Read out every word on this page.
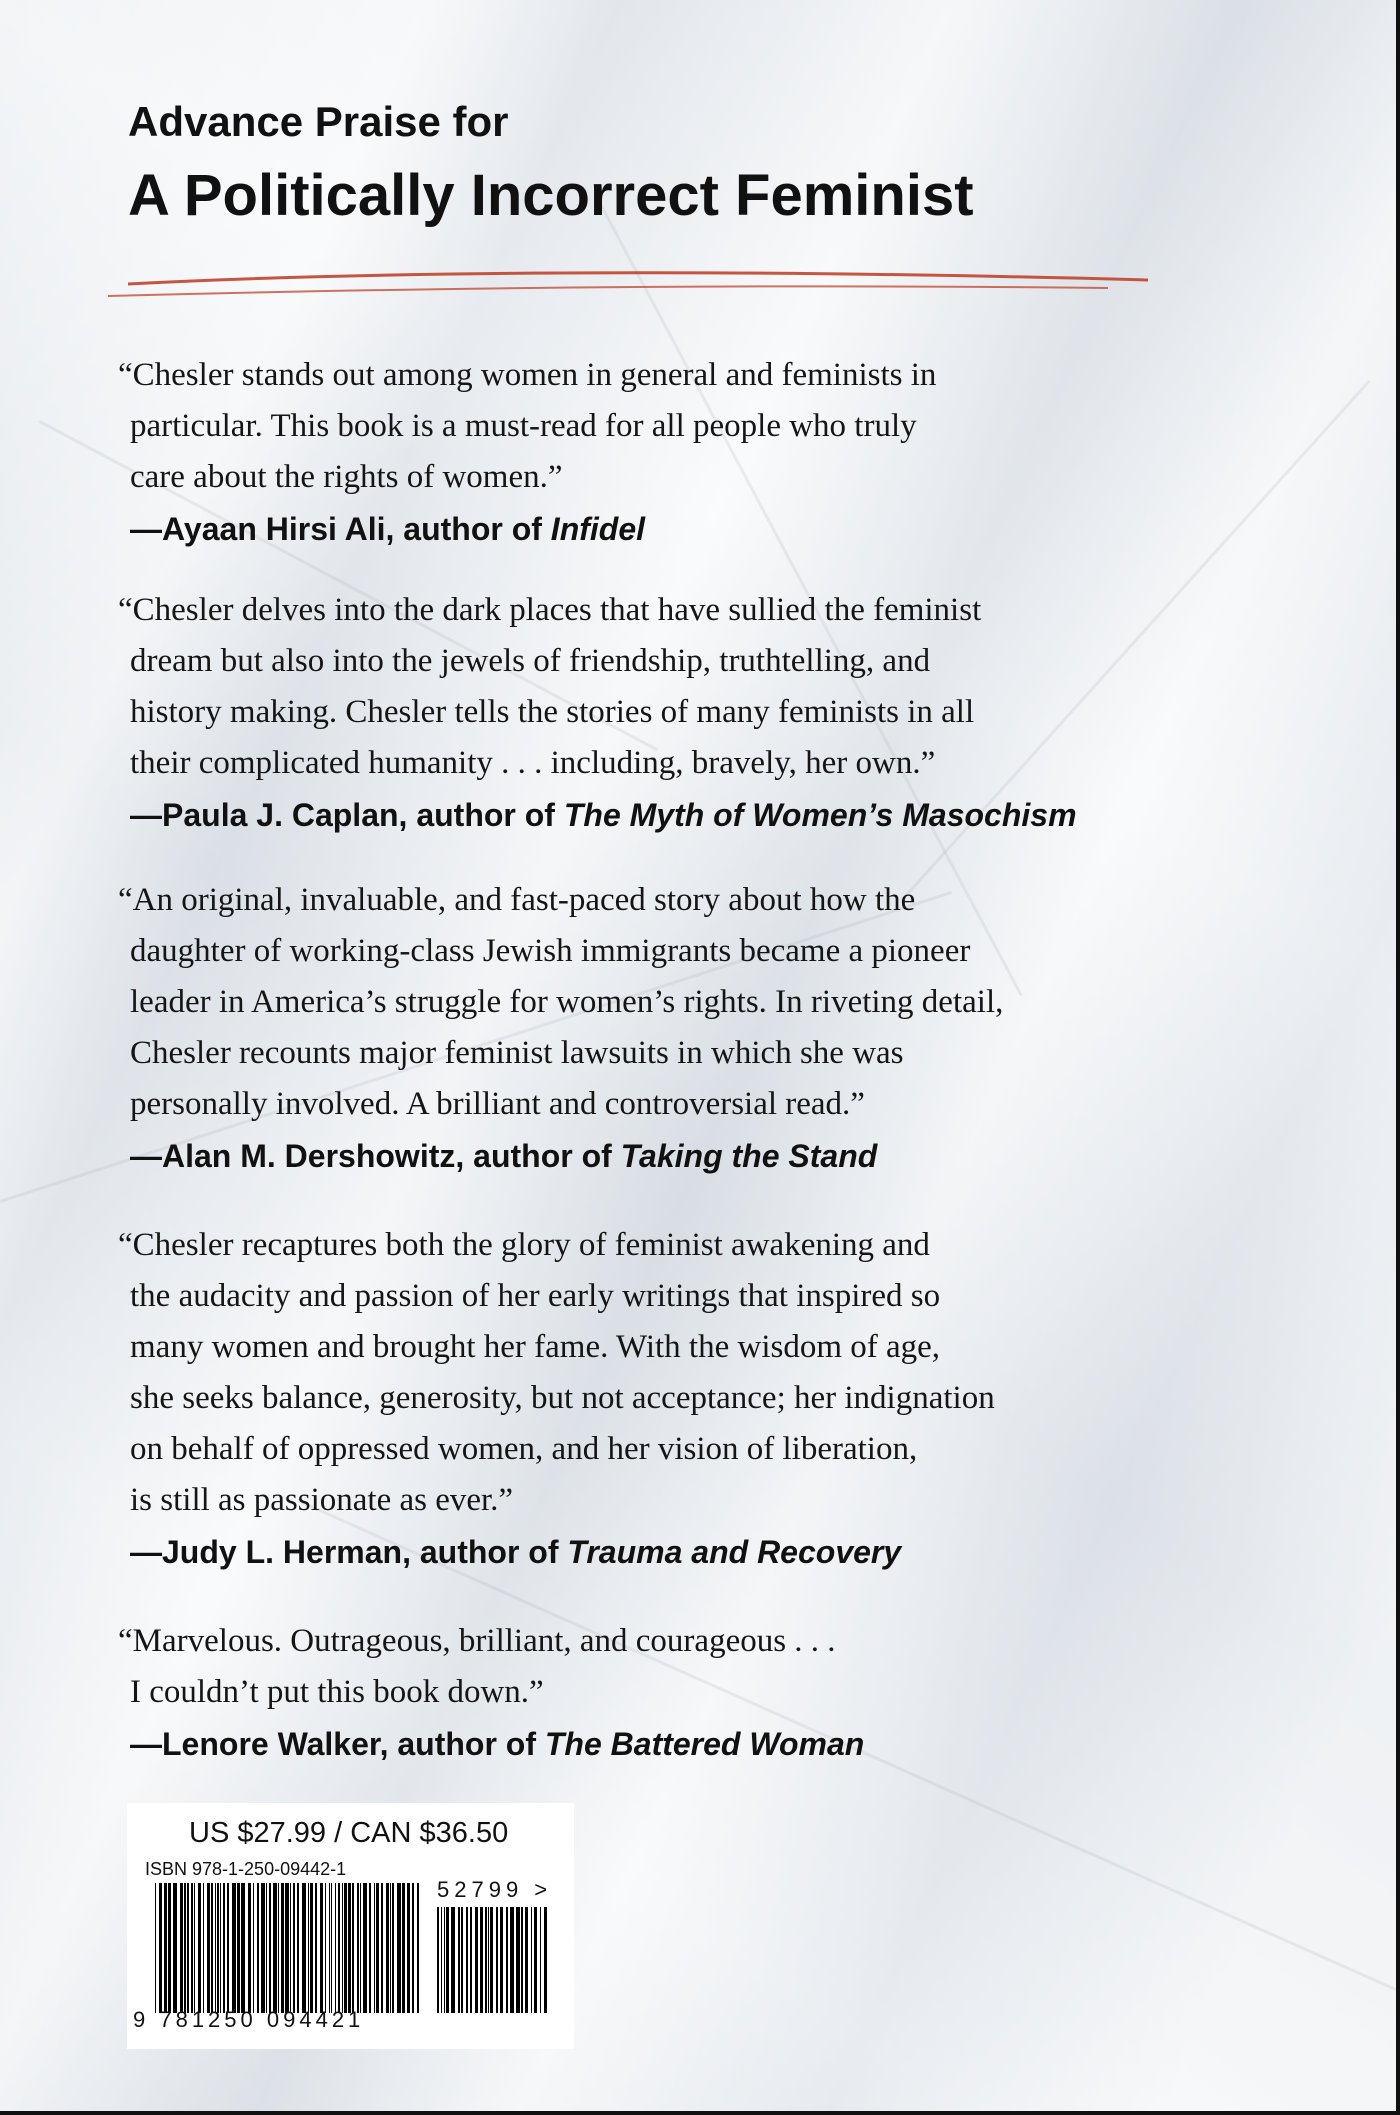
Advance Praise for
A Politically Incorrect Feminist
“Chesler stands out among women in general and feminists in
particular. This book is a must-read for all people who truly
care about the rights of women.”
—Ayaan Hirsi Ali, author of Infidel
“Chesler delves into the dark places that have sullied the feminist
dream but also into the jewels of friendship, truthtelling, and
history making. Chesler tells the stories of many feminists in all
their complicated humanity . . . including, bravely, her own.”
—Paula J. Caplan, author of The Myth of Women’s Masochism
“An original, invaluable, and fast-paced story about how the
daughter of working-class Jewish immigrants became a pioneer
leader in America’s struggle for women’s rights. In riveting detail,
Chesler recounts major feminist lawsuits in which she was
personally involved. A brilliant and controversial read.”
—Alan M. Dershowitz, author of Taking the Stand
“Chesler recaptures both the glory of feminist awakening and
the audacity and passion of her early writings that inspired so
many women and brought her fame. With the wisdom of age,
she seeks balance, generosity, but not acceptance; her indignation
on behalf of oppressed women, and her vision of liberation,
is still as passionate as ever.”
—Judy L. Herman, author of Trauma and Recovery
“Marvelous. Outrageous, brilliant, and courageous . . .
I couldn’t put this book down.”
—Lenore Walker, author of The Battered Woman
US $27.99 / CAN $36.50
ISBN 978-1-250-09442-1
52799 >
9 781250 094421
